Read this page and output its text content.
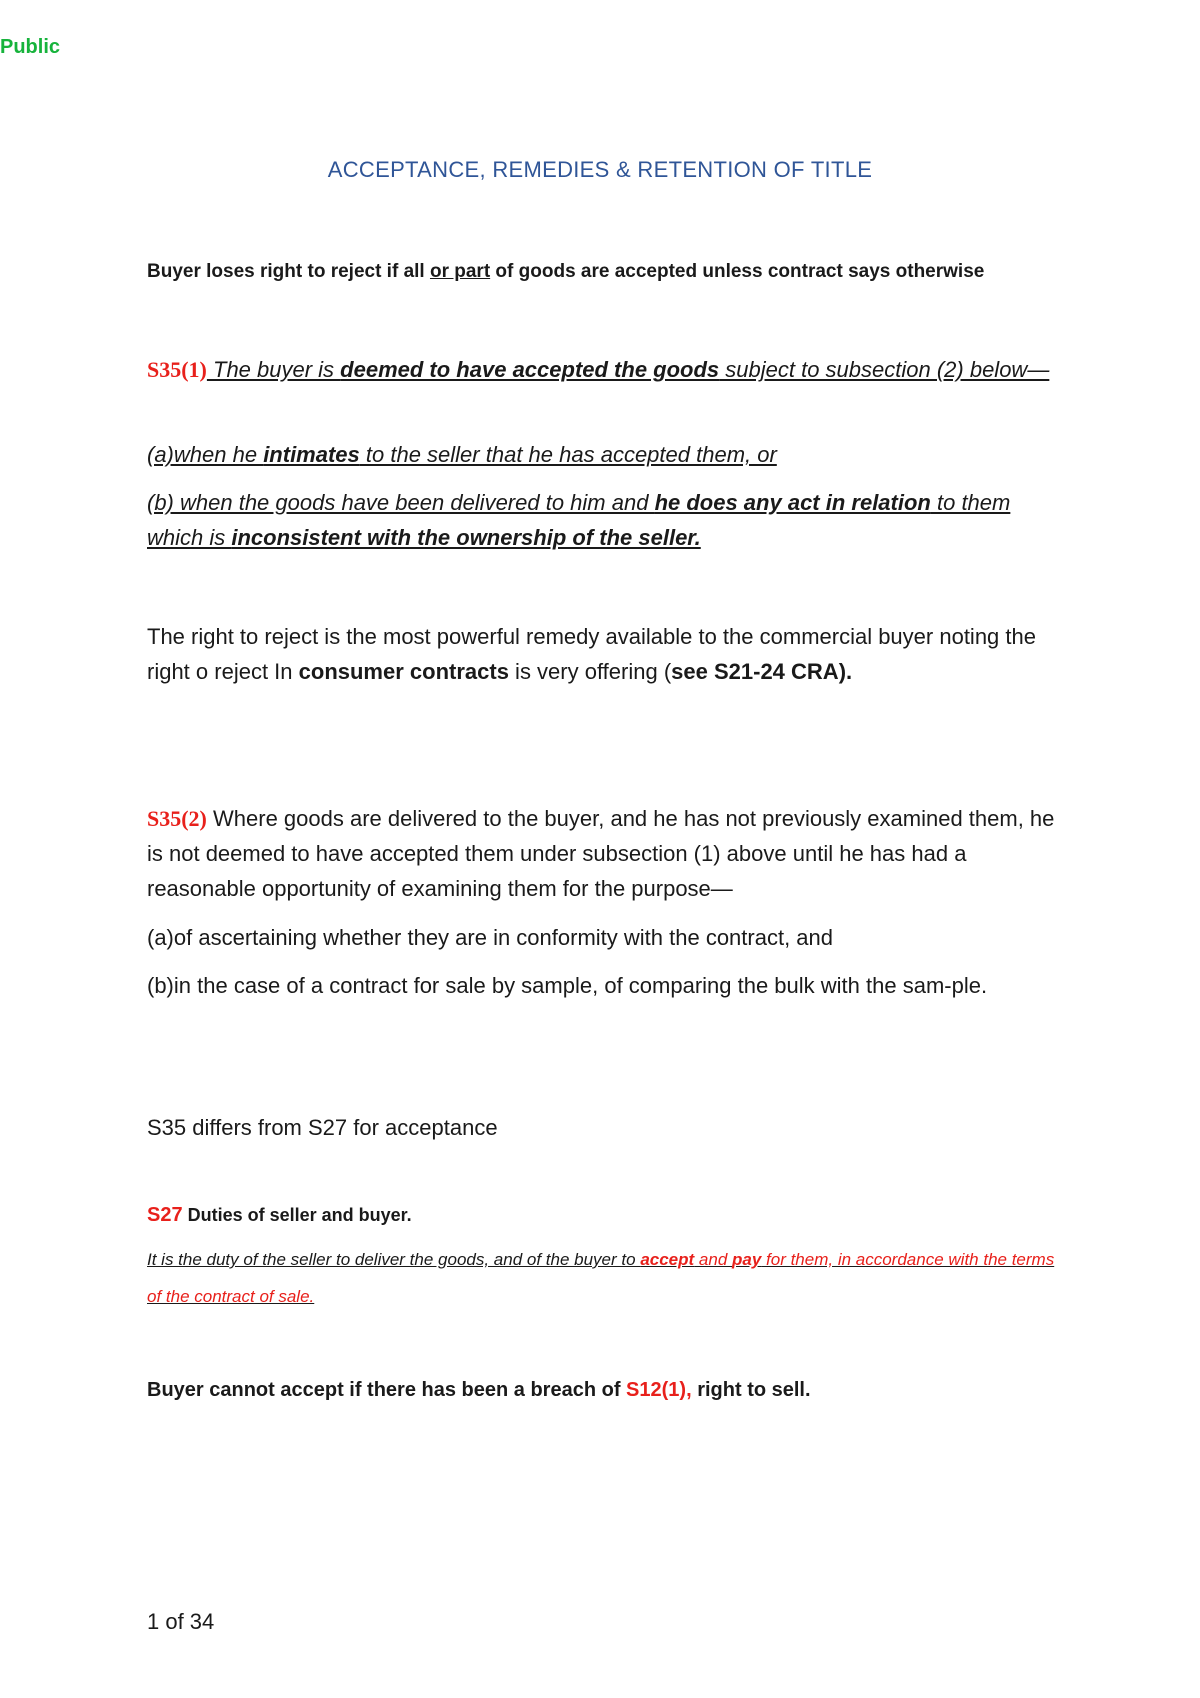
Public
ACCEPTANCE, REMEDIES & RETENTION OF TITLE
Buyer loses right to reject if all or part of goods are accepted unless contract says otherwise
S35(1) The buyer is deemed to have accepted the goods subject to subsection (2) below—
(a)when he intimates to the seller that he has accepted them, or
(b) when the goods have been delivered to him and he does any act in relation to them which is inconsistent with the ownership of the seller.
The right to reject is the most powerful remedy available to the commercial buyer noting the right o reject In consumer contracts is very offering (see S21-24 CRA).
S35(2) Where goods are delivered to the buyer, and he has not previously examined them, he is not deemed to have accepted them under subsection (1) above until he has had a reasonable opportunity of examining them for the purpose—
(a)of ascertaining whether they are in conformity with the contract, and
(b)in the case of a contract for sale by sample, of comparing the bulk with the sam-ple.
S35 differs from S27 for acceptance
S27 Duties of seller and buyer.
It is the duty of the seller to deliver the goods, and of the buyer to accept and pay for them, in accordance with the terms of the contract of sale.
Buyer cannot accept if there has been a breach of S12(1), right to sell.
1 of 34
